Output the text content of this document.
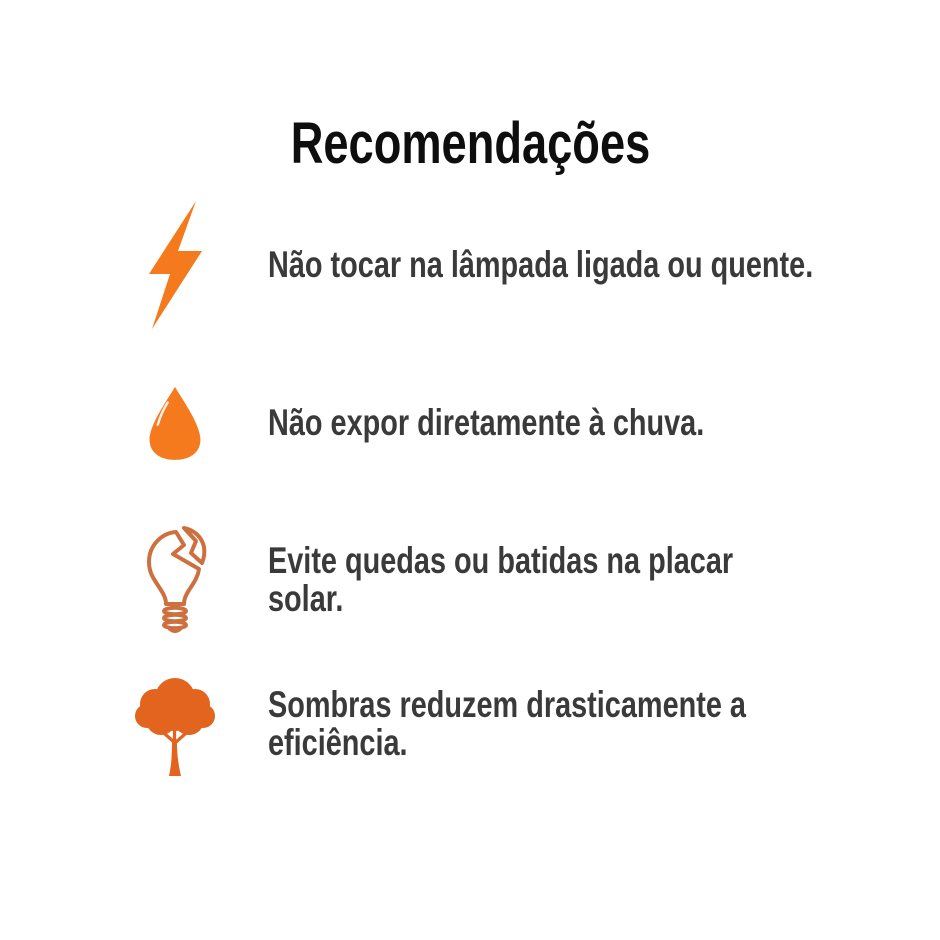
Recomendações
Não tocar na lâmpada ligada ou quente.
Não expor diretamente à chuva.
Evite quedas ou batidas na placar
solar.
Sombras reduzem drasticamente a
eficiência.
